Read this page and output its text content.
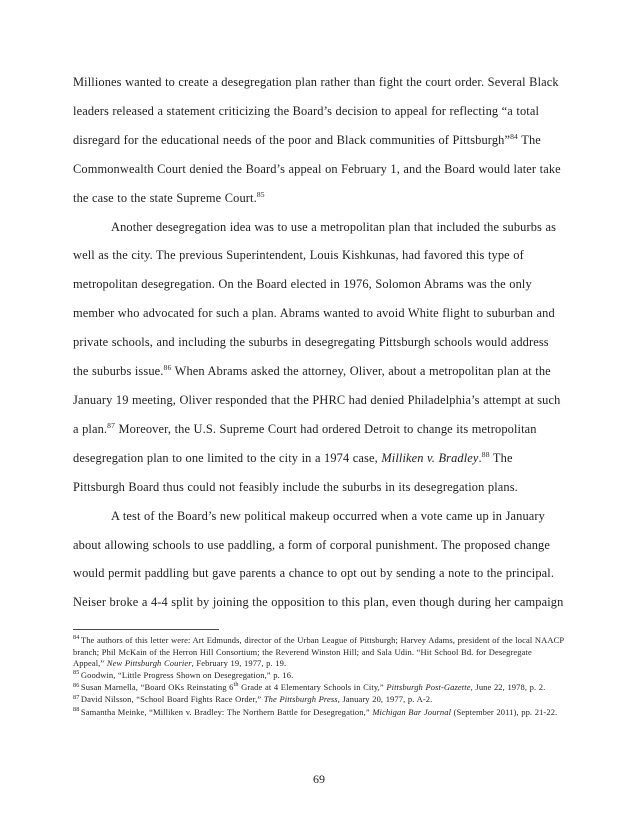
Milliones wanted to create a desegregation plan rather than fight the court order. Several Black leaders released a statement criticizing the Board’s decision to appeal for reflecting “a total disregard for the educational needs of the poor and Black communities of Pittsburgh”$^{84}$ The Commonwealth Court denied the Board’s appeal on February 1, and the Board would later take the case to the state Supreme Court.$^{85}$

Another desegregation idea was to use a metropolitan plan that included the suburbs as well as the city. The previous Superintendent, Louis Kishkunas, had favored this type of metropolitan desegregation. On the Board elected in 1976, Solomon Abrams was the only member who advocated for such a plan. Abrams wanted to avoid White flight to suburban and private schools, and including the suburbs in desegregating Pittsburgh schools would address the suburbs issue.$^{86}$ When Abrams asked the attorney, Oliver, about a metropolitan plan at the January 19 meeting, Oliver responded that the PHRC had denied Philadelphia’s attempt at such a plan.$^{87}$ Moreover, the U.S. Supreme Court had ordered Detroit to change its metropolitan desegregation plan to one limited to the city in a 1974 case, Milliken v. Bradley.$^{88}$ The Pittsburgh Board thus could not feasibly include the suburbs in its desegregation plans.

A test of the Board’s new political makeup occurred when a vote came up in January about allowing schools to use paddling, a form of corporal punishment. The proposed change would permit paddling but gave parents a chance to opt out by sending a note to the principal. Neiser broke a 4-4 split by joining the opposition to this plan, even though during her campaign

$^{84}$ The authors of this letter were: Art Edmunds, director of the Urban League of Pittsburgh; Harvey Adams, president of the local NAACP branch; Phil McKain of the Herron Hill Consortium; the Reverend Winston Hill; and Sala Udin. “Hit School Bd. for Desegregate Appeal,” New Pittsburgh Courier, February 19, 1977, p. 19.
$^{85}$ Goodwin, “Little Progress Shown on Desegregation,” p. 16.
$^{86}$ Susan Marnella, “Board OKs Reinstating 6th Grade at 4 Elementary Schools in City,” Pittsburgh Post-Gazette, June 22, 1978, p. 2.
$^{87}$ David Nilsson, “School Board Fights Race Order,” The Pittsburgh Press, January 20, 1977, p. A-2.
$^{88}$ Samantha Meinke, “Milliken v. Bradley: The Northern Battle for Desegregation,” Michigan Bar Journal (September 2011), pp. 21-22.
69
